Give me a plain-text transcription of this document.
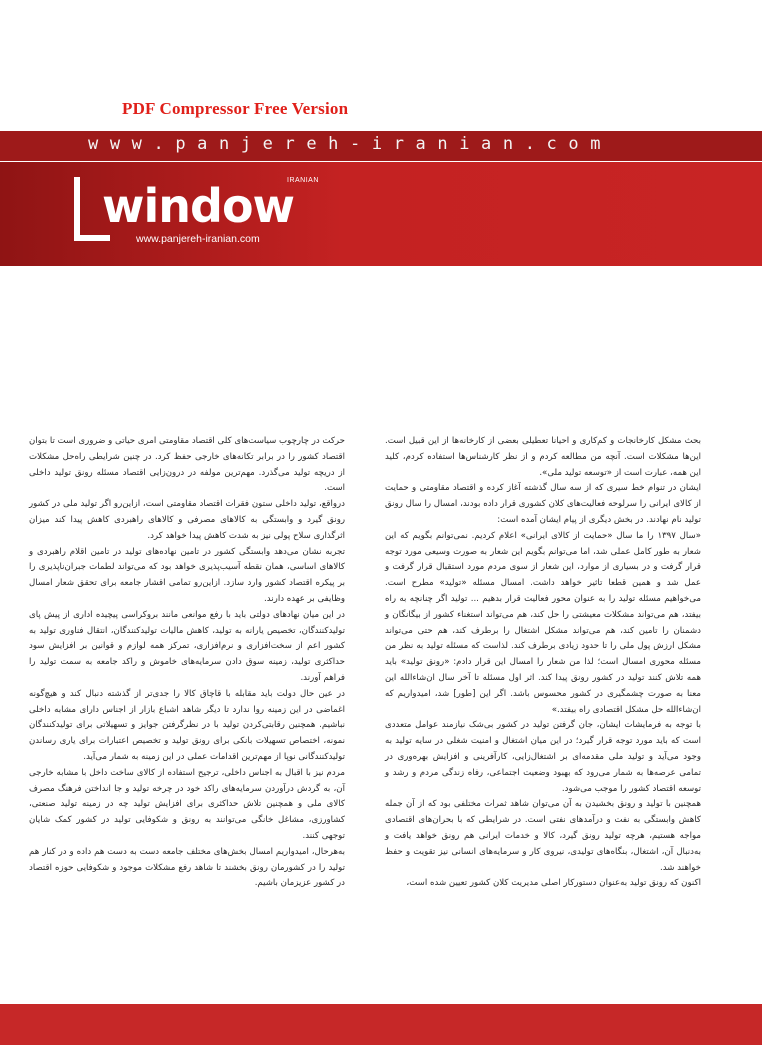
PDF Compressor Free Version
www.panjereh-iranian.com
window
IRANIAN
www.panjereh-iranian.com

بحث مشکل کارخانجات و کم‌کاری و احیانا تعطیلی بعضی از کارخانه‌ها از این قبیل است. این‌ها مشکلات است. آنچه من مطالعه کردم و از نظر کارشناس‌ها استفاده کردم، کلید این همه، عبارت است از «توسعه تولید ملی».

ایشان در تنوام خط سیری که از سه سال گذشته آغاز کرده و اقتصاد مقاومتی و حمایت از کالای ایرانی را سرلوحه فعالیت‌های کلان کشوری قرار داده بودند، امسال را سال رونق تولید نام نهادند. در بخش دیگری از پیام ایشان آمده است:

«سال ۱۳۹۷ را ما سال «حمایت از کالای ایرانی» اعلام کردیم. نمی‌توانم بگویم که این شعار به طور کامل عملی شد، اما می‌توانم بگویم این شعار به صورت وسیعی مورد توجه قرار گرفت و در بسیاری از موارد، این شعار از سوی مردم مورد استقبال قرار گرفت و عمل شد و همین قطعا تاثیر خواهد داشت. امسال مسئله «تولید» مطرح است. می‌خواهیم مسئله تولید را به عنوان محور فعالیت قرار بدهیم ... تولید اگر چنانچه به راه بیفتد، هم می‌تواند مشکلات معیشتی را حل کند، هم می‌تواند استغناء کشور از بیگانگان و دشمنان را تامین کند، هم می‌تواند مشکل اشتغال را برطرف کند، هم حتی می‌تواند مشکل ارزش پول ملی را تا حدود زیادی برطرف کند. لذاست که مسئله تولید به نظر من مسئله محوری امسال است؛ لذا من شعار را امسال این قرار دادم: «رونق تولید» باید همه تلاش کنند تولید در کشور رونق پیدا کند. اثر اول مسئله تا آخر سال ان‌شاءالله این معنا به صورت چشمگیری در کشور محسوس باشد. اگر این [طور] شد، امیدواریم که ان‌شاءالله حل مشکل اقتصادی راه بیفتد.»

با توجه به فرمایشات ایشان، جان گرفتن تولید در کشور بی‌شک نیازمند عوامل متعددی است که باید مورد توجه قرار گیرد؛ در این میان اشتغال و امنیت شغلی در سایه تولید به وجود می‌آید و تولید ملی مقدمه‌ای بر اشتغال‌زایی، کارآفرینی و افزایش بهره‌وری در تمامی عرصه‌ها به شمار می‌رود که بهبود وضعیت اجتماعی، رفاه زندگی مردم و رشد و توسعه اقتصاد کشور را موجب می‌شود.

همچنین با تولید و رونق بخشیدن به آن می‌توان شاهد ثمرات مختلفی بود که از آن جمله کاهش وابستگی به نفت و درآمدهای نفتی است. در شرایطی که با بحران‌های اقتصادی مواجه هستیم، هرچه تولید رونق گیرد، کالا و خدمات ایرانی هم رونق خواهد یافت و به‌دنبال آن، اشتغال، بنگاه‌های تولیدی، نیروی کار و سرمایه‌های انسانی نیز تقویت و حفظ خواهند شد.

اکنون که رونق تولید به‌عنوان دستورکار اصلی مدیریت کلان کشور تعیین شده است،

حرکت در چارچوب سیاست‌های کلی اقتصاد مقاومتی امری حیاتی و ضروری است تا بتوان اقتصاد کشور را در برابر تکانه‌های خارجی حفظ کرد. در چنین شرایطی راه‌حل مشکلات از دریچه تولید می‌گذرد. مهم‌ترین مولفه در درون‌زایی اقتصاد مسئله رونق تولید داخلی است.

درواقع، تولید داخلی ستون فقرات اقتصاد مقاومتی است، ازاین‌رو اگر تولید ملی در کشور رونق گیرد و وابستگی به کالاهای مصرفی و کالاهای راهبردی کاهش پیدا کند میزان اثرگذاری سلاح پولی نیز به شدت کاهش پیدا خواهد کرد.

تجربه نشان می‌دهد وابستگی کشور در تامین نهاده‌های تولید در تامین اقلام راهبردی و کالاهای اساسی، همان نقطه آسیب‌پذیری خواهد بود که می‌تواند لطمات جبران‌ناپذیری را بر پیکره اقتصاد کشور وارد سازد. ازاین‌رو تمامی اقشار جامعه برای تحقق شعار امسال وظایفی بر عهده دارند.

در این میان نهادهای دولتی باید با رفع موانعی مانند بروکراسی پیچیده اداری از پیش پای تولیدکنندگان، تخصیص یارانه به تولید، کاهش مالیات تولیدکنندگان، انتقال فناوری تولید به کشور اعم از سخت‌افزاری و نرم‌افزاری، تمرکز همه لوازم و قوانین بر افزایش سود حداکثری تولید، زمینه سوق دادن سرمایه‌های خاموش و راکد جامعه به سمت تولید را فراهم آورند.

در عین حال دولت باید مقابله با قاچاق کالا را جدی‌تر از گذشته دنبال کند و هیچ‌گونه اغماضی در این زمینه روا ندارد تا دیگر شاهد اشباع بازار از اجناس دارای مشابه داخلی نباشیم. همچنین رقابتی‌کردن تولید با در نظرگرفتن جوایز و تسهیلاتی برای تولیدکنندگان نمونه، اختصاص تسهیلات بانکی برای رونق تولید و تخصیص اعتبارات برای یاری رساندن تولیدکنندگانی نوپا از مهم‌ترین اقدامات عملی در این زمینه به شمار می‌آید.

مردم نیز با اقبال به اجناس داخلی، ترجیح استفاده از کالای ساخت داخل با مشابه خارجی آن، به گردش درآوردن سرمایه‌های راکد خود در چرخه تولید و جا انداختن فرهنگ مصرف کالای ملی و همچنین تلاش حداکثری برای افزایش تولید چه در زمینه تولید صنعتی، کشاورزی، مشاغل خانگی می‌توانند به رونق و شکوفایی تولید در کشور کمک شایان توجهی کنند.

به‌هرحال، امیدواریم امسال بخش‌های مختلف جامعه دست به دست هم داده و در کنار هم تولید را در کشورمان رونق بخشند تا شاهد رفع مشکلات موجود و شکوفایی حوزه اقتصاد در کشور عزیزمان باشیم.
